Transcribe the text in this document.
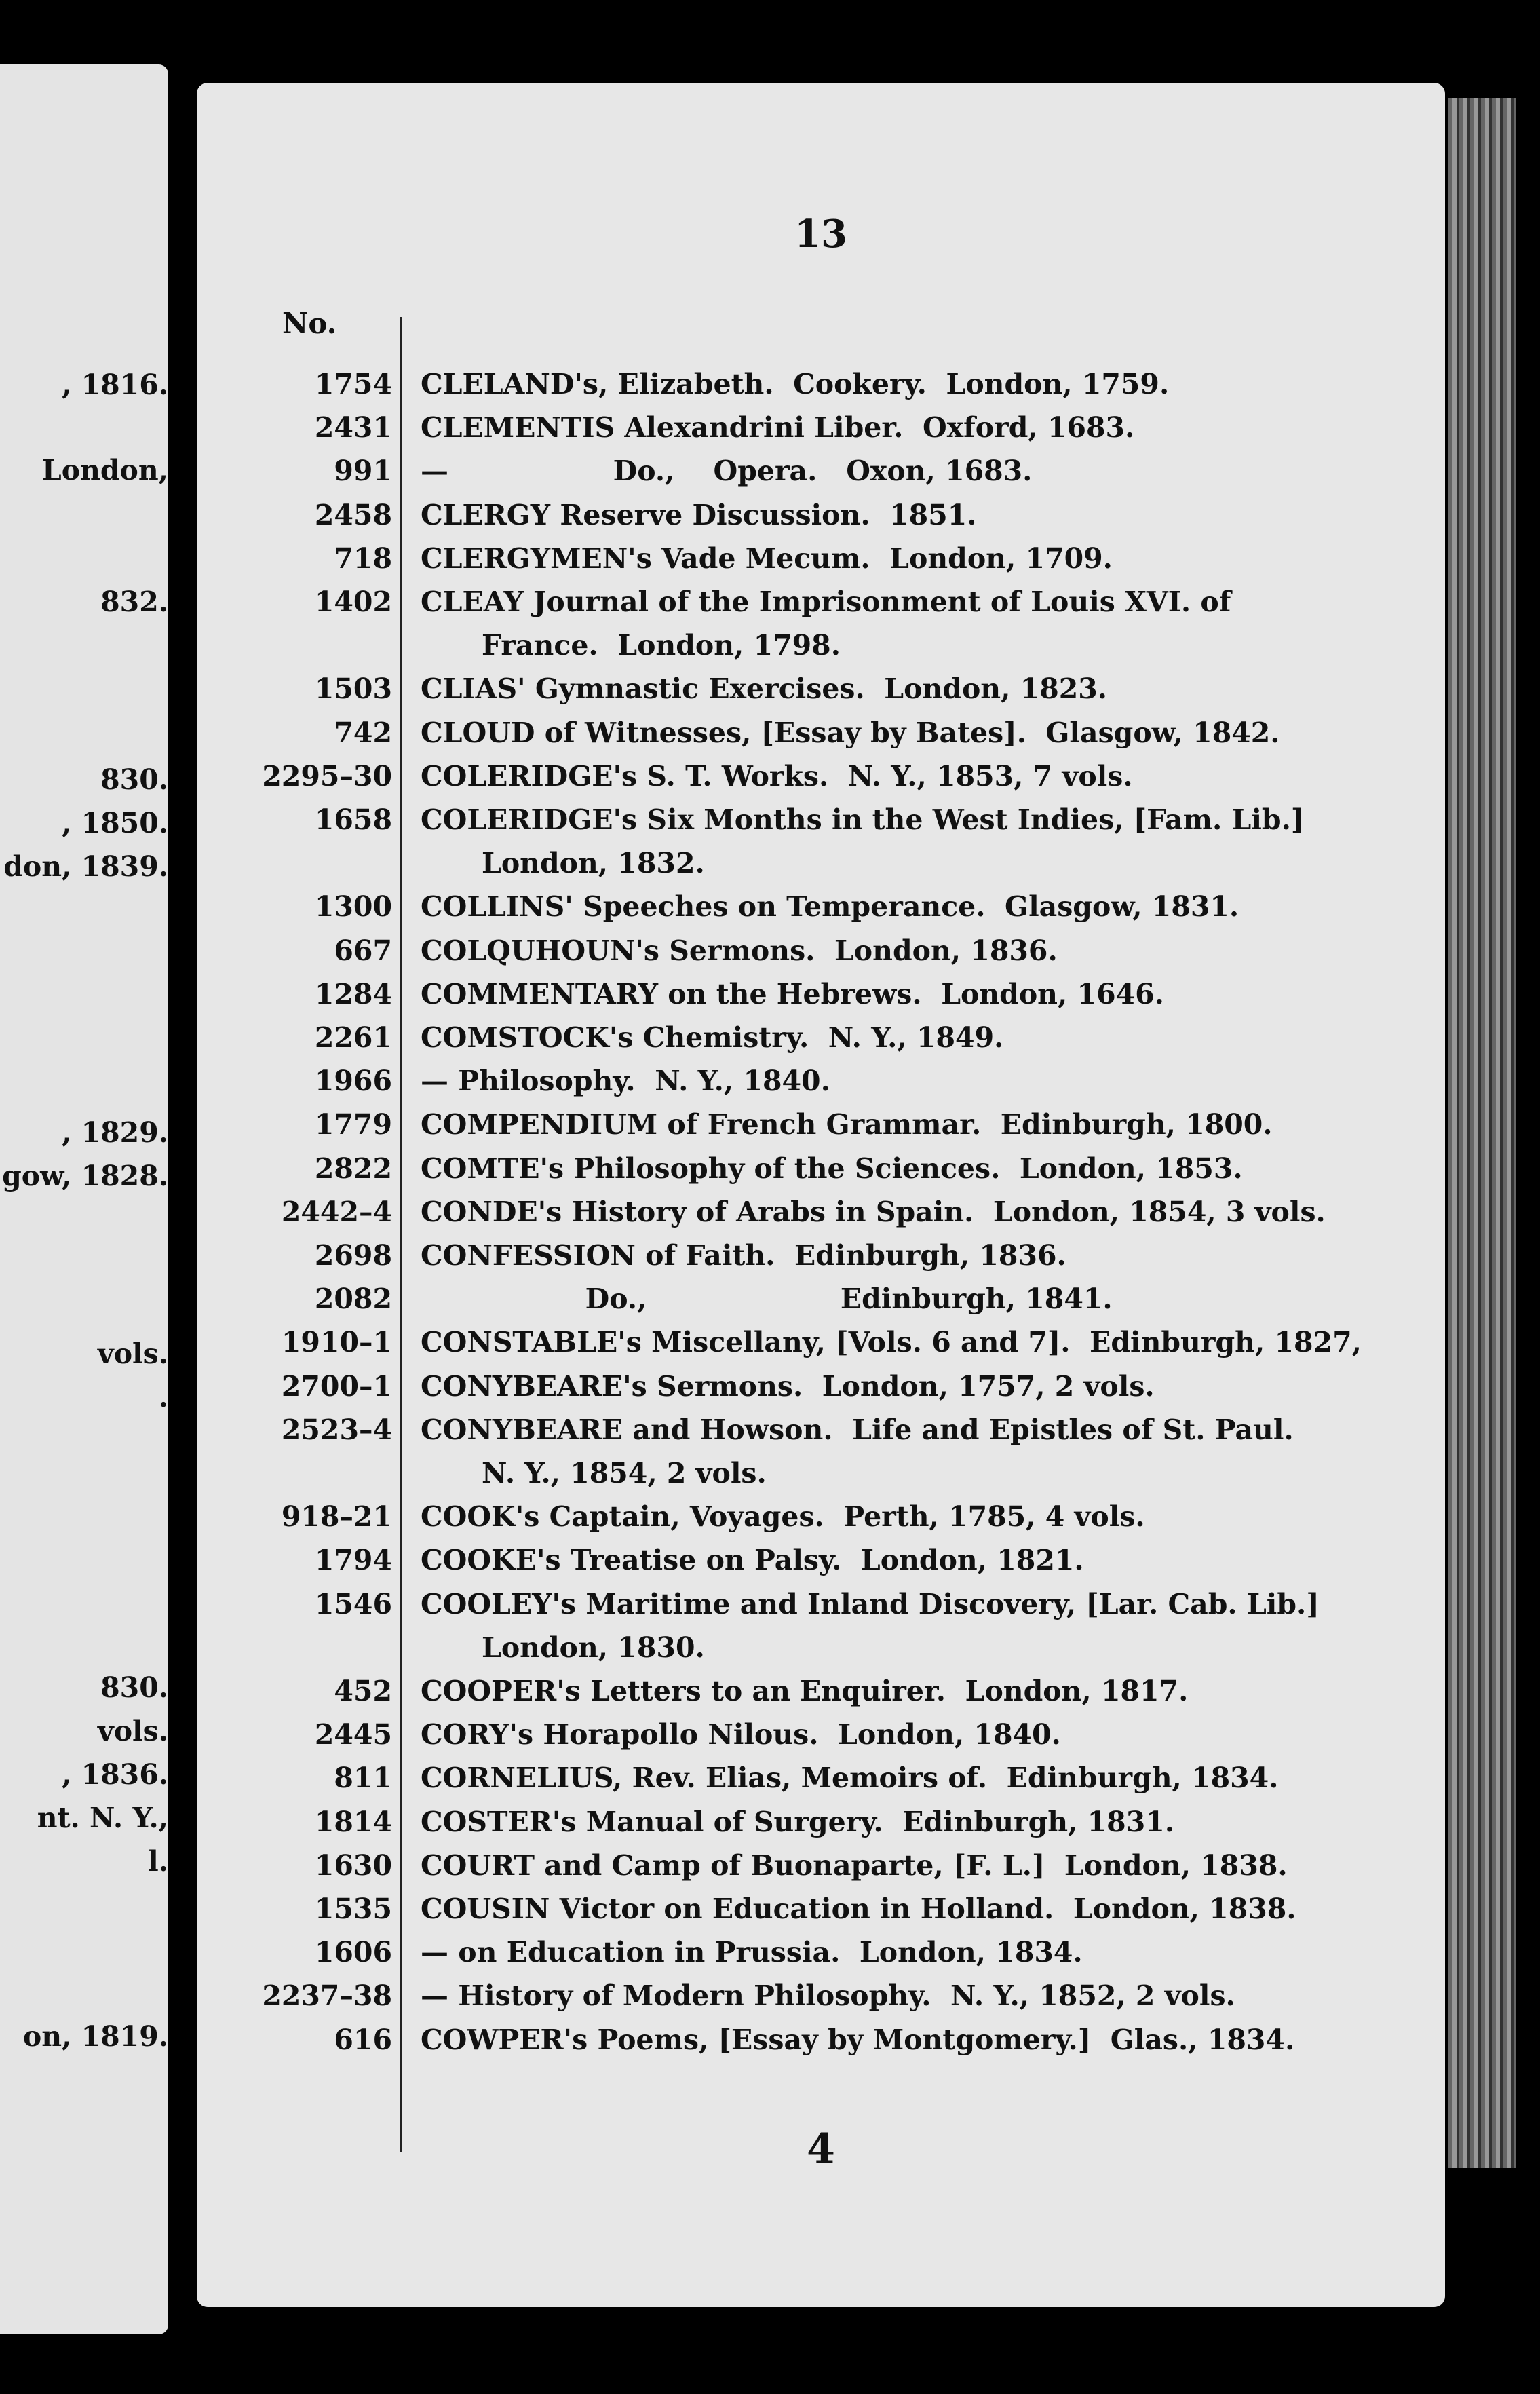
, 1816.
London,
832.
830.
, 1850.
don, 1839.
, 1829.
gow, 1828.
vols.
.
830.
vols.
, 1836.
nt. N. Y.,
l.
on, 1819.
13
No.
1754 CLELAND's, Elizabeth.  Cookery.  London, 1759.
2431 CLEMENTIS Alexandrini Liber.  Oxford, 1683.
991 —                 Do.,    Opera.   Oxon, 1683.
2458 CLERGY Reserve Discussion.  1851.
718 CLERGYMEN's Vade Mecum.  London, 1709.
1402 CLEAY Journal of the Imprisonment of Louis XVI. of
France.  London, 1798.
1503 CLIAS' Gymnastic Exercises.  London, 1823.
742 CLOUD of Witnesses, [Essay by Bates].  Glasgow, 1842.
2295–30 COLERIDGE's S. T. Works.  N. Y., 1853, 7 vols.
1658 COLERIDGE's Six Months in the West Indies, [Fam. Lib.]
London, 1832.
1300 COLLINS' Speeches on Temperance.  Glasgow, 1831.
667 COLQUHOUN's Sermons.  London, 1836.
1284 COMMENTARY on the Hebrews.  London, 1646.
2261 COMSTOCK's Chemistry.  N. Y., 1849.
1966 — Philosophy.  N. Y., 1840.
1779 COMPENDIUM of French Grammar.  Edinburgh, 1800.
2822 COMTE's Philosophy of the Sciences.  London, 1853.
2442–4 CONDE's History of Arabs in Spain.  London, 1854, 3 vols.
2698 CONFESSION of Faith.  Edinburgh, 1836.
2082 Do.,                    Edinburgh, 1841.
1910–1 CONSTABLE's Miscellany, [Vols. 6 and 7].  Edinburgh, 1827,
2700–1 CONYBEARE's Sermons.  London, 1757, 2 vols.
2523–4 CONYBEARE and Howson.  Life and Epistles of St. Paul.
N. Y., 1854, 2 vols.
918–21 COOK's Captain, Voyages.  Perth, 1785, 4 vols.
1794 COOKE's Treatise on Palsy.  London, 1821.
1546 COOLEY's Maritime and Inland Discovery, [Lar. Cab. Lib.]
London, 1830.
452 COOPER's Letters to an Enquirer.  London, 1817.
2445 CORY's Horapollo Nilous.  London, 1840.
811 CORNELIUS, Rev. Elias, Memoirs of.  Edinburgh, 1834.
1814 COSTER's Manual of Surgery.  Edinburgh, 1831.
1630 COURT and Camp of Buonaparte, [F. L.]  London, 1838.
1535 COUSIN Victor on Education in Holland.  London, 1838.
1606 — on Education in Prussia.  London, 1834.
2237–38 — History of Modern Philosophy.  N. Y., 1852, 2 vols.
616 COWPER's Poems, [Essay by Montgomery.]  Glas., 1834.
4
